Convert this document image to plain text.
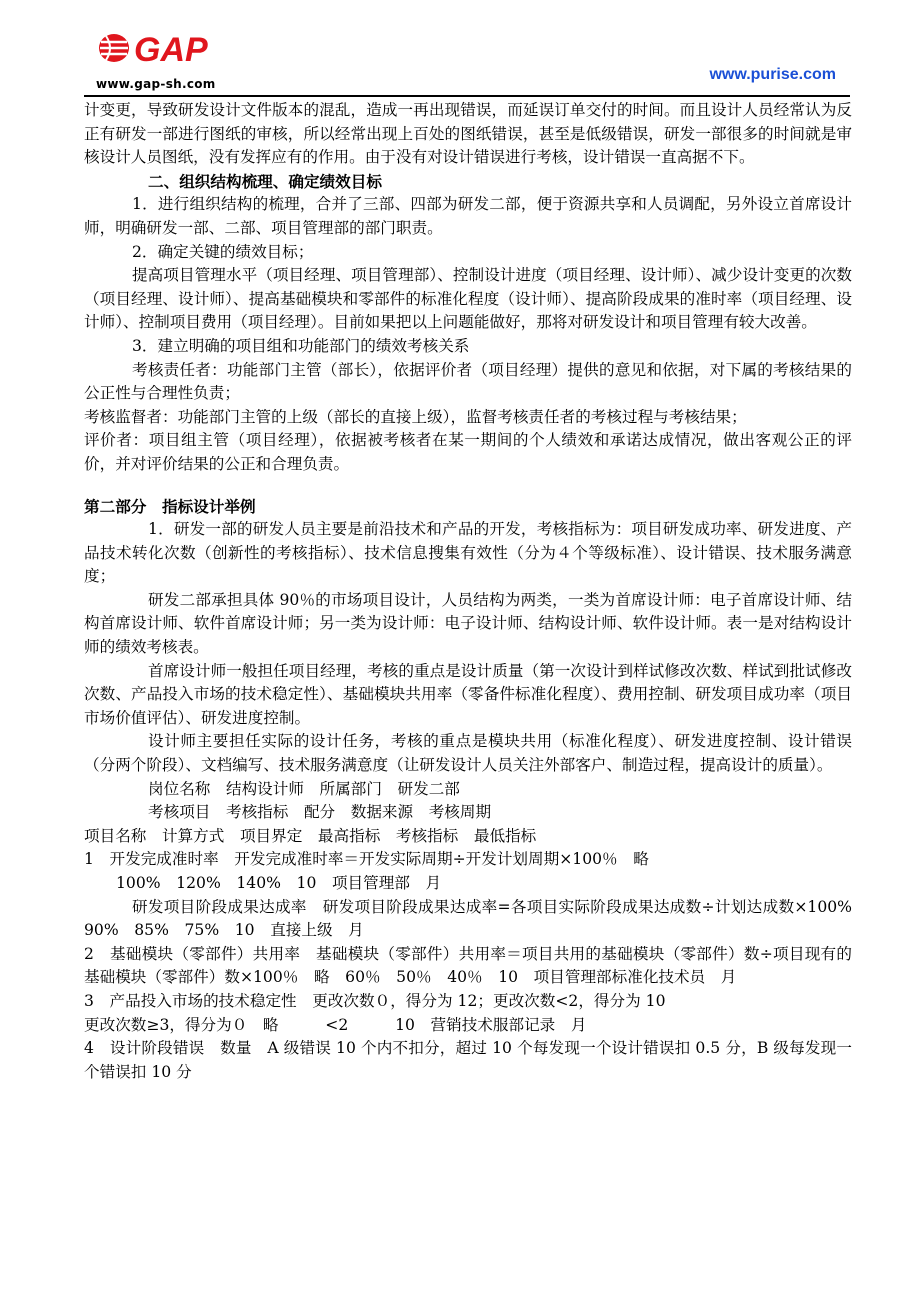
GAP
www.gap-sh.com
www.purise.com

计变更，导致研发设计文件版本的混乱，造成一再出现错误，而延误订单交付的时间。而且设计人员经常认为反正有研发一部进行图纸的审核，所以经常出现上百处的图纸错误，甚至是低级错误，研发一部很多的时间就是审核设计人员图纸，没有发挥应有的作用。由于没有对设计错误进行考核，设计错误一直高据不下。

二、组织结构梳理、确定绩效目标

1．进行组织结构的梳理，合并了三部、四部为研发二部，便于资源共享和人员调配，另外设立首席设计师，明确研发一部、二部、项目管理部的部门职责。

2．确定关键的绩效目标；

提高项目管理水平（项目经理、项目管理部）、控制设计进度（项目经理、设计师）、减少设计变更的次数（项目经理、设计师）、提高基础模块和零部件的标准化程度（设计师）、提高阶段成果的准时率（项目经理、设计师）、控制项目费用（项目经理）。目前如果把以上问题能做好，那将对研发设计和项目管理有较大改善。

3．建立明确的项目组和功能部门的绩效考核关系

考核责任者：功能部门主管（部长），依据评价者（项目经理）提供的意见和依据，对下属的考核结果的公正性与合理性负责；

考核监督者：功能部门主管的上级（部长的直接上级），监督考核责任者的考核过程与考核结果；

评价者：项目组主管（项目经理），依据被考核者在某一期间的个人绩效和承诺达成情况，做出客观公正的评价，并对评价结果的公正和合理负责。

第二部分　指标设计举例

1．研发一部的研发人员主要是前沿技术和产品的开发，考核指标为：项目研发成功率、研发进度、产品技术转化次数（创新性的考核指标）、技术信息搜集有效性（分为４个等级标准）、设计错误、技术服务满意度；

研发二部承担具体 90％的市场项目设计，人员结构为两类，一类为首席设计师：电子首席设计师、结构首席设计师、软件首席设计师；另一类为设计师：电子设计师、结构设计师、软件设计师。表一是对结构设计师的绩效考核表。

首席设计师一般担任项目经理，考核的重点是设计质量（第一次设计到样试修改次数、样试到批试修改次数、产品投入市场的技术稳定性）、基础模块共用率（零备件标准化程度）、费用控制、研发项目成功率（项目市场价值评估）、研发进度控制。

设计师主要担任实际的设计任务，考核的重点是模块共用（标准化程度）、研发进度控制、设计错误（分两个阶段）、文档编写、技术服务满意度（让研发设计人员关注外部客户、制造过程，提高设计的质量）。

岗位名称　结构设计师　所属部门　研发二部

考核项目　考核指标　配分　数据来源　考核周期

项目名称　计算方式　项目界定　最高指标　考核指标　最低指标

1　开发完成准时率　开发完成准时率＝开发实际周期÷开发计划周期×100％　略

100%　120%　140%　10　项目管理部　月

研发项目阶段成果达成率　研发项目阶段成果达成率=各项目实际阶段成果达成数÷计划达成数×100%　90%　85%　75%　10　直接上级　月

2　基础模块（零部件）共用率　基础模块（零部件）共用率＝项目共用的基础模块（零部件）数÷项目现有的基础模块（零部件）数×100％　略　60％　50％　40％　10　项目管理部标准化技术员　月

3　产品投入市场的技术稳定性　更改次数０，得分为 12；更改次数<2，得分为 10

更改次数≥3，得分为０　略　　　<2　　　10　营销技术服部记录　月

4　设计阶段错误　数量　A 级错误 10 个内不扣分，超过 10 个每发现一个设计错误扣 0.5 分，B 级每发现一个错误扣 10 分
